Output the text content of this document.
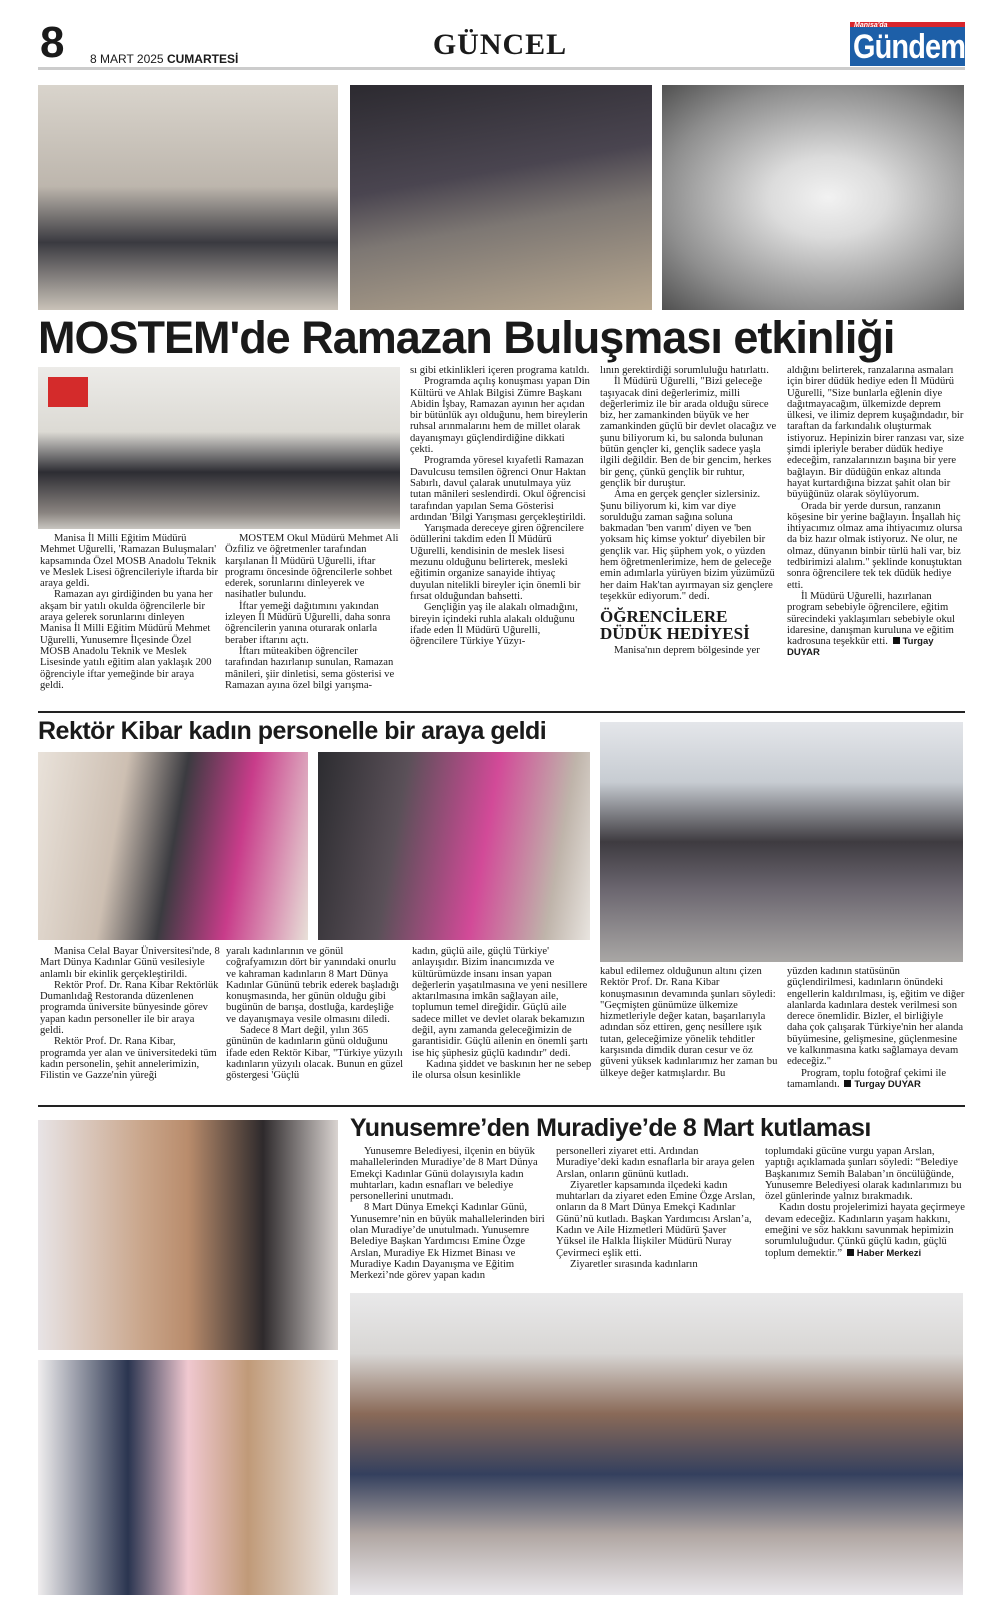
8 8 MART 2025 CUMARTESİ	GÜNCEL
Manisa'da
Gündem
MOSTEM'de Ramazan Buluşması etkinliği

Manisa İl Milli Eğitim Müdürü Mehmet Uğurelli, 'Ramazan Buluşmaları' kapsamında Özel MOSB Anadolu Teknik ve Meslek Lisesi öğrencileriyle iftarda bir araya geldi.

Ramazan ayı girdiğinden bu yana her akşam bir yatılı okulda öğrencilerle bir araya gelerek sorunlarını dinleyen Manisa İl Milli Eğitim Müdürü Mehmet Uğurelli, Yunusemre İlçesinde Özel MOSB Anadolu Teknik ve Meslek Lisesinde yatılı eğitim alan yaklaşık 200 öğrenciyle iftar yemeğinde bir araya geldi.

MOSTEM Okul Müdürü Mehmet Ali Özfiliz ve öğretmenler tarafından karşılanan İl Müdürü Uğurelli, iftar programı öncesinde öğrencilerle sohbet ederek, sorunlarını dinleyerek ve nasihatler bulundu.

İftar yemeği dağıtımını yakından izleyen İl Müdürü Uğurelli, daha sonra öğrencilerin yanına oturarak onlarla beraber iftarını açtı.

İftarı müteakiben öğrenciler tarafından hazırlanıp sunulan, Ramazan mânileri, şiir dinletisi, sema gösterisi ve Ramazan ayına özel bilgi yarışma-

sı gibi etkinlikleri içeren programa katıldı.

Programda açılış konuşması yapan Din Kültürü ve Ahlak Bilgisi Zümre Başkanı Abidin İşbay, Ramazan ayının her açıdan bir bütünlük ayı olduğunu, hem bireylerin ruhsal arınmalarını hem de millet olarak dayanışmayı güçlendirdiğine dikkati çekti.

Programda yöresel kıyafetli Ramazan Davulcusu temsilen öğrenci Onur Haktan Sabırlı, davul çalarak unutulmaya yüz tutan mânileri seslendirdi. Okul öğrencisi tarafından yapılan Sema Gösterisi ardından 'Bilgi Yarışması gerçekleştirildi.

Yarışmada dereceye giren öğrencilere ödüllerini takdim eden İl Müdürü Uğurelli, kendisinin de meslek lisesi mezunu olduğunu belirterek, mesleki eğitimin organize sanayide ihtiyaç duyulan nitelikli bireyler için önemli bir fırsat olduğundan bahsetti.

Gençliğin yaş ile alakalı olmadığını, bireyin içindeki ruhla alakalı olduğunu ifade eden İl Müdürü Uğurelli, öğrencilere Türkiye Yüzyı-

lının gerektirdiği sorumluluğu hatırlattı.

İl Müdürü Uğurelli, "Bizi geleceğe taşıyacak dini değerlerimiz, milli değerlerimiz ile bir arada olduğu sürece biz, her zamankinden büyük ve her zamankinden güçlü bir devlet olacağız ve şunu biliyorum ki, bu salonda bulunan bütün gençler ki, gençlik sadece yaşla ilgili değildir. Ben de bir gencim, herkes bir genç, çünkü gençlik bir ruhtur, gençlik bir duruştur.

Ama en gerçek gençler sizlersiniz. Şunu biliyorum ki, kim var diye sorulduğu zaman sağına soluna bakmadan 'ben varım' diyen ve 'ben yoksam hiç kimse yoktur' diyebilen bir gençlik var. Hiç şüphem yok, o yüzden hem öğretmenlerimize, hem de geleceğe emin adımlarla yürüyen bizim yüzümüzü her daim Hak'tan ayırmayan siz gençlere teşekkür ediyorum." dedi.

ÖĞRENCİLERE DÜDÜK HEDİYESİ

Manisa'nın deprem bölgesinde yer

aldığını belirterek, ranzalarına asmaları için birer düdük hediye eden İl Müdürü Uğurelli, "Size bunlarla eğlenin diye dağıtmayacağım, ülkemizde deprem ülkesi, ve ilimiz deprem kuşağındadır, bir taraftan da farkındalık oluşturmak istiyoruz. Hepinizin birer ranzası var, size şimdi ipleriyle beraber düdük hediye edeceğim, ranzalarınızın başına bir yere bağlayın. Bir düdüğün enkaz altında hayat kurtardığına bizzat şahit olan bir büyüğünüz olarak söylüyorum.

Orada bir yerde dursun, ranzanın köşesine bir yerine bağlayın. İnşallah hiç ihtiyacımız olmaz ama ihtiyacımız olursa da biz hazır olmak istiyoruz. Ne olur, ne olmaz, dünyanın binbir türlü hali var, biz tedbirimizi alalım." şeklinde konuştuktan sonra öğrencilere tek tek düdük hediye etti.

İl Müdürü Uğurelli, hazırlanan program sebebiyle öğrencilere, eğitim sürecindeki yaklaşımları sebebiyle okul idaresine, danışman kuruluna ve eğitim kadrosuna teşekkür etti. Turgay DUYAR

Rektör Kibar kadın personelle bir araya geldi

Manisa Celal Bayar Üniversitesi'nde, 8 Mart Dünya Kadınlar Günü vesilesiyle anlamlı bir ekinlik gerçekleştirildi.

Rektör Prof. Dr. Rana Kibar Rektörlük Dumanlıdağ Restoranda düzenlenen programda üniversite bünyesinde görev yapan kadın personeller ile bir araya geldi.

Rektör Prof. Dr. Rana Kibar, programda yer alan ve üniversitedeki tüm kadın personelin, şehit annelerimizin, Filistin ve Gazze'nin yüreği

yaralı kadınlarının ve gönül coğrafyamızın dört bir yanındaki onurlu ve kahraman kadınların 8 Mart Dünya Kadınlar Gününü tebrik ederek başladığı konuşmasında, her günün olduğu gibi bugünün de barışa, dostluğa, kardeşliğe ve dayanışmaya vesile olmasını diledi.

Sadece 8 Mart değil, yılın 365 gününün de kadınların günü olduğunu ifade eden Rektör Kibar, "Türkiye yüzyılı kadınların yüzyılı olacak. Bunun en güzel göstergesi 'Güçlü

kadın, güçlü aile, güçlü Türkiye' anlayışıdır. Bizim inancımızda ve kültürümüzde insanı insan yapan değerlerin yaşatılmasına ve yeni nesillere aktarılmasına imkân sağlayan aile, toplumun temel direğidir. Güçlü aile sadece millet ve devlet olarak bekamızın değil, aynı zamanda geleceğimizin de garantisidir. Güçlü ailenin en önemli şartı ise hiç şüphesiz güçlü kadındır" dedi.

Kadına şiddet ve baskının her ne sebep ile olursa olsun kesinlikle

kabul edilemez olduğunun altını çizen Rektör Prof. Dr. Rana Kibar konuşmasının devamında şunları söyledi: "Geçmişten günümüze ülkemize hizmetleriyle değer katan, başarılarıyla adından söz ettiren, genç nesillere ışık tutan, geleceğimize yönelik tehditler karşısında dimdik duran cesur ve öz güveni yüksek kadınlarımız her zaman bu ülkeye değer katmışlardır. Bu

yüzden kadının statüsünün güçlendirilmesi, kadınların önündeki engellerin kaldırılması, iş, eğitim ve diğer alanlarda kadınlara destek verilmesi son derece önemlidir. Bizler, el birliğiyle daha çok çalışarak Türkiye'nin her alanda büyümesine, gelişmesine, güçlenmesine ve kalkınmasına katkı sağlamaya devam edeceğiz."

Program, toplu fotoğraf çekimi ile tamamlandı. Turgay DUYAR

Yunusemre’den Muradiye’de 8 Mart kutlaması

Yunusemre Belediyesi, ilçenin en büyük mahallelerinden Muradiye’de 8 Mart Dünya Emekçi Kadınlar Günü dolayısıyla kadın muhtarları, kadın esnafları ve belediye personellerini unutmadı.

8 Mart Dünya Emekçi Kadınlar Günü, Yunusemre’nin en büyük mahallelerinden biri olan Muradiye’de unutulmadı. Yunusemre Belediye Başkan Yardımcısı Emine Özge Arslan, Muradiye Ek Hizmet Binası ve Muradiye Kadın Dayanışma ve Eğitim Merkezi’nde görev yapan kadın

personelleri ziyaret etti. Ardından Muradiye’deki kadın esnaflarla bir araya gelen Arslan, onların gününü kutladı.

Ziyaretler kapsamında ilçedeki kadın muhtarları da ziyaret eden Emine Özge Arslan, onların da 8 Mart Dünya Emekçi Kadınlar Günü’nü kutladı. Başkan Yardımcısı Arslan’a, Kadın ve Aile Hizmetleri Müdürü Şaver Yüksel ile Halkla İlişkiler Müdürü Nuray Çevirmeci eşlik etti.

Ziyaretler sırasında kadınların

toplumdaki gücüne vurgu yapan Arslan, yaptığı açıklamada şunları söyledi: “Belediye Başkanımız Semih Balaban’ın öncülüğünde, Yunusemre Belediyesi olarak kadınlarımızı bu özel günlerinde yalnız bırakmadık.

Kadın dostu projelerimizi hayata geçirmeye devam edeceğiz. Kadınların yaşam hakkını, emeğini ve söz hakkını savunmak hepimizin sorumluluğudur. Çünkü güçlü kadın, güçlü toplum demektir.” Haber Merkezi
